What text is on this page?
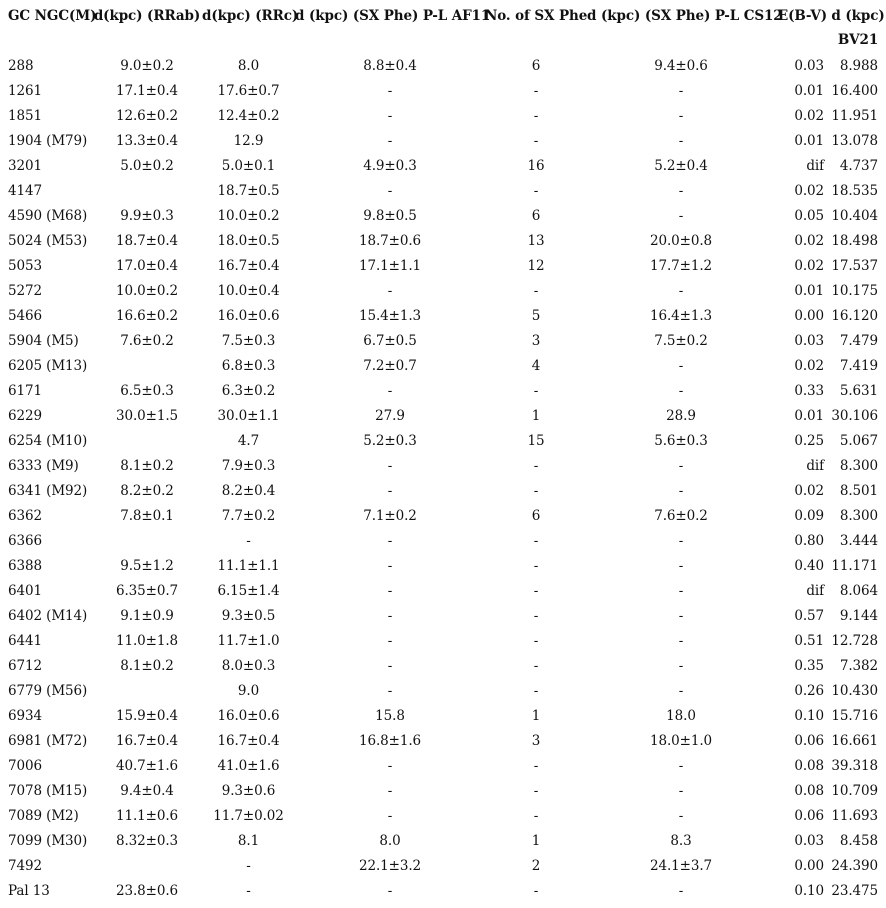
GC NGC(M)	d(kpc) (RRab)	d(kpc) (RRc)	d (kpc) (SX Phe) P-L AF11	No. of SX Phe	d (kpc) (SX Phe) P-L CS12	E(B-V)	d (kpc)
							BV21
288	9.0±0.2	8.0	8.8±0.4	6	9.4±0.6	0.03	8.988
1261	17.1±0.4	17.6±0.7	-	-	-	0.01	16.400
1851	12.6±0.2	12.4±0.2	-	-	-	0.02	11.951
1904 (M79)	13.3±0.4	12.9	-	-	-	0.01	13.078
3201	5.0±0.2	5.0±0.1	4.9±0.3	16	5.2±0.4	dif	4.737
4147		18.7±0.5	-	-	-	0.02	18.535
4590 (M68)	9.9±0.3	10.0±0.2	9.8±0.5	6	-	0.05	10.404
5024 (M53)	18.7±0.4	18.0±0.5	18.7±0.6	13	20.0±0.8	0.02	18.498
5053	17.0±0.4	16.7±0.4	17.1±1.1	12	17.7±1.2	0.02	17.537
5272	10.0±0.2	10.0±0.4	-	-	-	0.01	10.175
5466	16.6±0.2	16.0±0.6	15.4±1.3	5	16.4±1.3	0.00	16.120
5904 (M5)	7.6±0.2	7.5±0.3	6.7±0.5	3	7.5±0.2	0.03	7.479
6205 (M13)		6.8±0.3	7.2±0.7	4	-	0.02	7.419
6171	6.5±0.3	6.3±0.2	-	-	-	0.33	5.631
6229	30.0±1.5	30.0±1.1	27.9	1	28.9	0.01	30.106
6254 (M10)		4.7	5.2±0.3	15	5.6±0.3	0.25	5.067
6333 (M9)	8.1±0.2	7.9±0.3	-	-	-	dif	8.300
6341 (M92)	8.2±0.2	8.2±0.4	-	-	-	0.02	8.501
6362	7.8±0.1	7.7±0.2	7.1±0.2	6	7.6±0.2	0.09	8.300
6366		-	-	-	-	0.80	3.444
6388	9.5±1.2	11.1±1.1	-	-	-	0.40	11.171
6401	6.35±0.7	6.15±1.4	-	-	-	dif	8.064
6402 (M14)	9.1±0.9	9.3±0.5	-	-	-	0.57	9.144
6441	11.0±1.8	11.7±1.0	-	-	-	0.51	12.728
6712	8.1±0.2	8.0±0.3	-	-	-	0.35	7.382
6779 (M56)		9.0	-	-	-	0.26	10.430
6934	15.9±0.4	16.0±0.6	15.8	1	18.0	0.10	15.716
6981 (M72)	16.7±0.4	16.7±0.4	16.8±1.6	3	18.0±1.0	0.06	16.661
7006	40.7±1.6	41.0±1.6	-	-	-	0.08	39.318
7078 (M15)	9.4±0.4	9.3±0.6	-	-	-	0.08	10.709
7089 (M2)	11.1±0.6	11.7±0.02	-	-	-	0.06	11.693
7099 (M30)	8.32±0.3	8.1	8.0	1	8.3	0.03	8.458
7492		-	22.1±3.2	2	24.1±3.7	0.00	24.390
Pal 13	23.8±0.6	-	-	-	-	0.10	23.475
